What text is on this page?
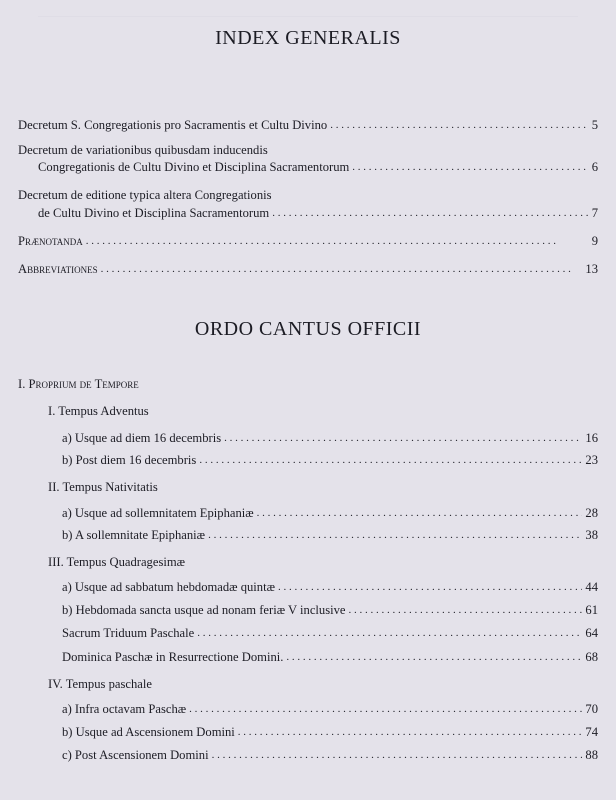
INDEX GENERALIS
Decretum S. Congregationis pro Sacramentis et Cultu Divino . . .	5
Decretum de variationibus quibusdam inducendis
Congregationis de Cultu Divino et Disciplina Sacramentorum . . .	6
Decretum de editione typica altera Congregationis
de Cultu Divino et Disciplina Sacramentorum . . .	7
Prænotanda . . .	9
Abbreviationes . . .	13
ORDO CANTUS OFFICII
I. Proprium de Tempore
I. Tempus Adventus
a) Usque ad diem 16 decembris . . .	16
b) Post diem 16 decembris . . .	23
II. Tempus Nativitatis
a) Usque ad sollemnitatem Epiphaniæ . . .	28
b) A sollemnitate Epiphaniæ . . .	38
III. Tempus Quadragesimæ
a) Usque ad sabbatum hebdomadæ quintæ . . .	44
b) Hebdomada sancta usque ad nonam feriæ V inclusive . . .	61
Sacrum Triduum Paschale . . .	64
Dominica Paschæ in Resurrectione Domini. . . .	68
IV. Tempus paschale
a) Infra octavam Paschæ . . .	70
b) Usque ad Ascensionem Domini . . .	74
c) Post Ascensionem Domini . . .	88
